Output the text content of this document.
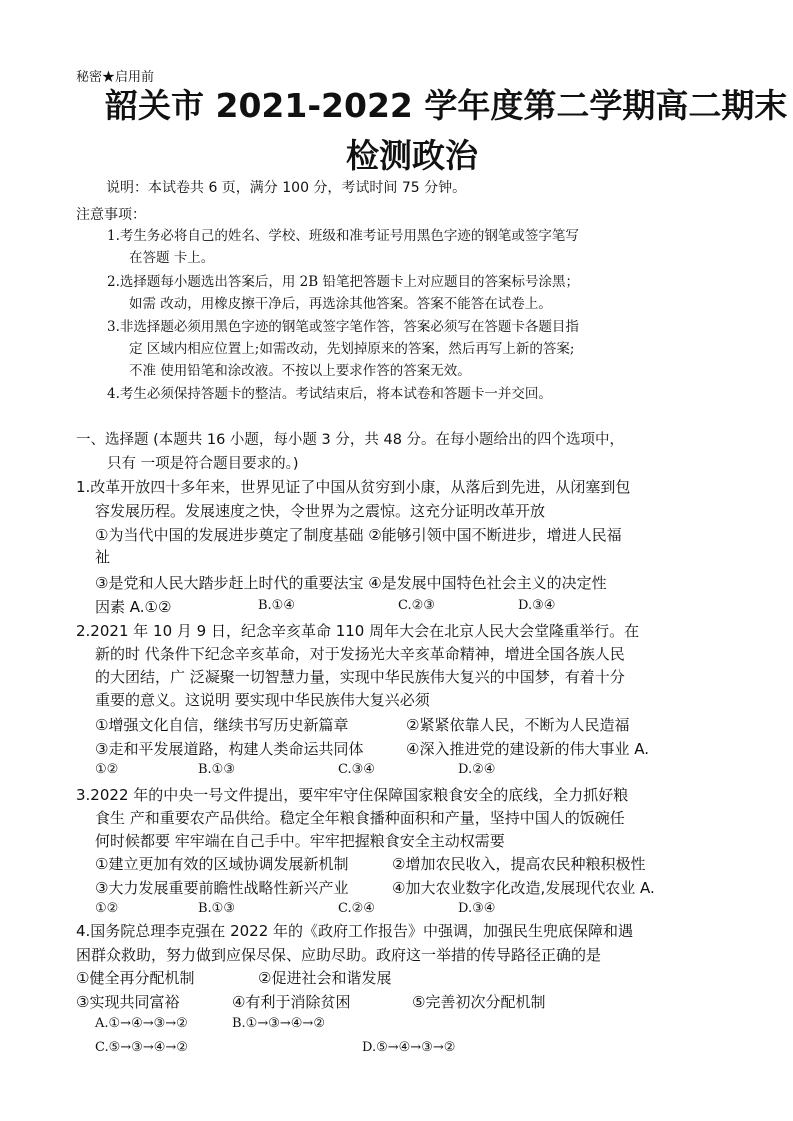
秘密★启用前
韶关市 2021-2022 学年度第二学期高二期末
检测政治
说明：本试卷共 6 页，满分 100 分，考试时间 75 分钟。
注意事项：
1.考生务必将自己的姓名、学校、班级和准考证号用黑色字迹的钢笔或签字笔写
在答题 卡上。
2.选择题每小题选出答案后，用 2B 铅笔把答题卡上对应题目的答案标号涂黑；
如需 改动，用橡皮擦干净后，再选涂其他答案。答案不能答在试卷上。
3.非选择题必须用黑色字迹的钢笔或签字笔作答，答案必须写在答题卡各题目指
定 区域内相应位置上;如需改动，先划掉原来的答案，然后再写上新的答案;
不准 使用铅笔和涂改液。不按以上要求作答的答案无效。
4.考生必须保持答题卡的整洁。考试结束后，将本试卷和答题卡一并交回。
一、选择题 (本题共 16 小题，每小题 3 分，共 48 分。在每小题给出的四个选项中，
只有 一项是符合题目要求的。)
1.改革开放四十多年来，世界见证了中国从贫穷到小康，从落后到先进，从闭塞到包
容发展历程。发展速度之快，令世界为之震惊。这充分证明改革开放
①为当代中国的发展进步奠定了制度基础 ②能够引领中国不断进步，增进人民福
祉
③是党和人民大踏步赶上时代的重要法宝 ④是发展中国特色社会主义的决定性
因素 A.①②	B.①④	C.②③	D.③④
2.2021 年 10 月 9 日，纪念辛亥革命 110 周年大会在北京人民大会堂隆重举行。在
新的时 代条件下纪念辛亥革命，对于发扬光大辛亥革命精神，增进全国各族人民
的大团结，广 泛凝聚一切智慧力量，实现中华民族伟大复兴的中国梦，有着十分
重要的意义。这说明 要实现中华民族伟大复兴必须
①增强文化自信，继续书写历史新篇章	②紧紧依靠人民，不断为人民造福
③走和平发展道路，构建人类命运共同体	④深入推进党的建设新的伟大事业 A.
①②	B.①③	C.③④	D.②④
3.2022 年的中央一号文件提出，要牢牢守住保障国家粮食安全的底线，全力抓好粮
食生 产和重要农产品供给。稳定全年粮食播种面积和产量，坚持中国人的饭碗任
何时候都要 牢牢端在自己手中。牢牢把握粮食安全主动权需要
①建立更加有效的区域协调发展新机制	②增加农民收入，提高农民种粮积极性
③大力发展重要前瞻性战略性新兴产业	④加大农业数字化改造,发展现代农业 A.
①②	B.①③	C.②④	D.③④
4.国务院总理李克强在 2022 年的《政府工作报告》中强调，加强民生兜底保障和遇
困群众救助，努力做到应保尽保、应助尽助。政府这一举措的传导路径正确的是
①健全再分配机制	②促进社会和谐发展
③实现共同富裕	④有利于消除贫困	⑤完善初次分配机制
A.①→④→③→②	B.①→③→④→②
C.⑤→③→④→②	D.⑤→④→③→②
